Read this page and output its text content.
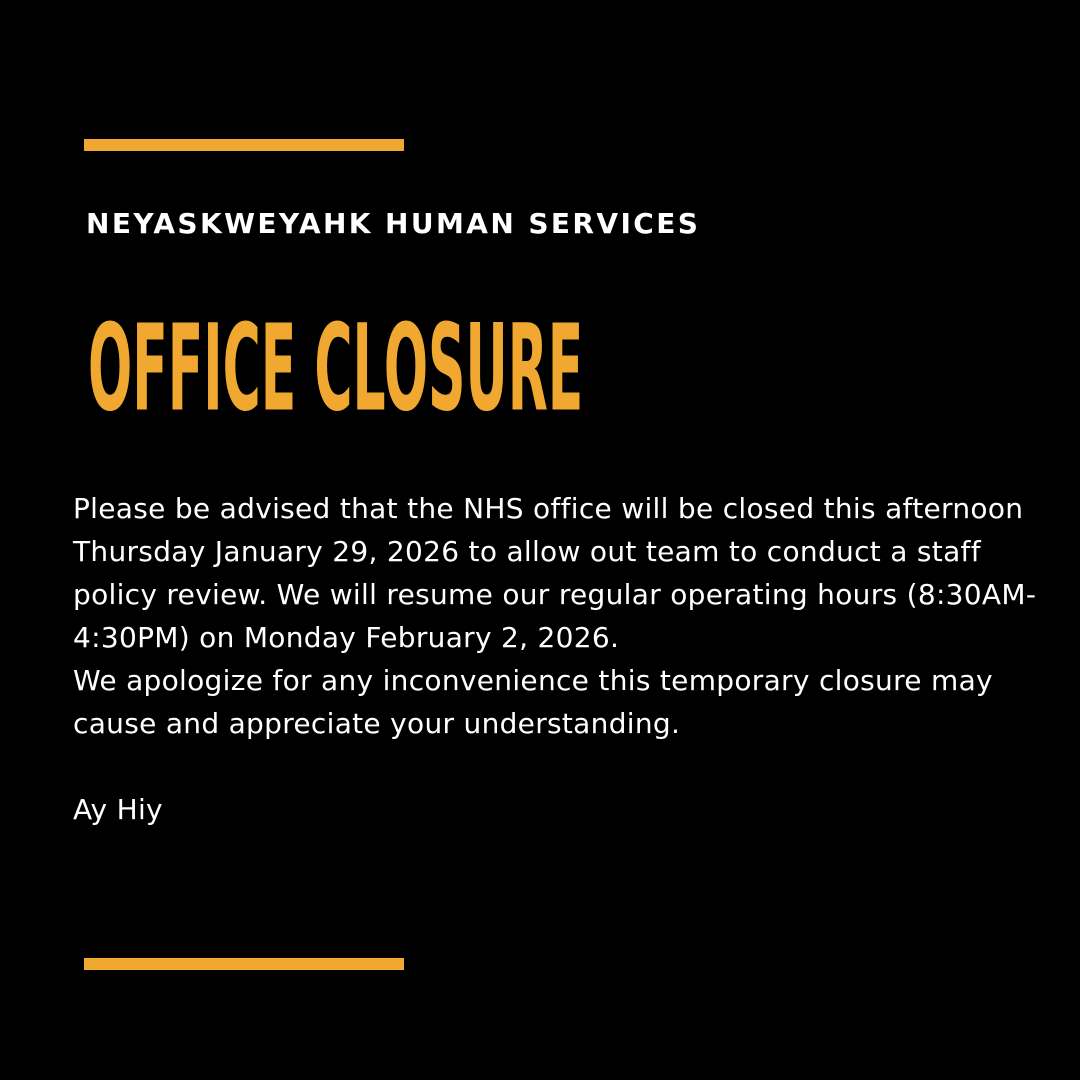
NEYASKWEYAHK HUMAN SERVICES
OFFICE CLOSURE

Please be advised that the NHS office will be closed this afternoon Thursday January 29, 2026 to allow out team to conduct a staff policy review. We will resume our regular operating hours (8:30AM-4:30PM) on Monday February 2, 2026.

We apologize for any inconvenience this temporary closure may cause and appreciate your understanding.

Ay Hiy
